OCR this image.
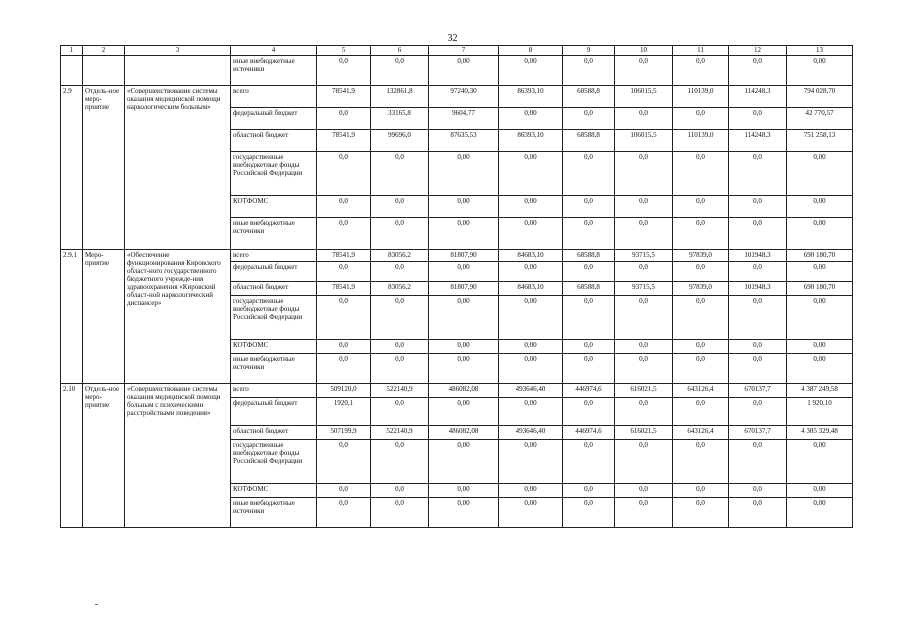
32
1	2	3	4	5	6	7	8	9	10	11	12	13
			иные внебюджетные источники	0,0	0,0	0,00	0,00	0,0	0,0	0,0	0,0	0,00
2.9	Отдель-ное меро-приятие	«Совершенствование системы оказания медицинской помощи наркологическим больным»	всего	78541,9	132861,8	97240,30	86393,10	68588,8	106015,5	110139,0	114248,3	794 028,70
			федеральный бюджет	0,0	33165,8	9604,77	0,00	0,0	0,0	0,0	0,0	42 770,57
			областной бюджет	78541,9	99696,0	87635,53	86393,10	68588,8	106015,5	110139,0	114248,3	751 258,13
			государственные внебюджетные фонды Российской Федерации	0,0	0,0	0,00	0,00	0,0	0,0	0,0	0,0	0,00
			КОТФОМС	0,0	0,0	0,00	0,00	0,0	0,0	0,0	0,0	0,00
			иные внебюджетные источники	0,0	0,0	0,00	0,00	0,0	0,0	0,0	0,0	0,00
2.9.1	Меро-приятие	«Обеспечение функционирования Кировского област-ного государственного бюджетного учрежде-ния здравоохранения «Кировский област-ной наркологический диспансер»	всего	78541,9	83056,2	81807,90	84683,10	68588,8	93715,5	97839,0	101948,3	690 180,70
			федеральный бюджет	0,0	0,0	0,00	0,00	0,0	0,0	0,0	0,0	0,00
			областной бюджет	78541,9	83056,2	81807,90	84683,10	68588,8	93715,5	97839,0	101948,3	690 180,70
			государственные внебюджетные фонды Российской Федерации	0,0	0,0	0,00	0,00	0,0	0,0	0,0	0,0	0,00
			КОТФОМС	0,0	0,0	0,00	0,00	0,0	0,0	0,0	0,0	0,00
			иные внебюджетные источники	0,0	0,0	0,00	0,00	0,0	0,0	0,0	0,0	0,00
2.10	Отдель-ное меро-приятие	«Совершенствование системы оказания медицинской помощи больным с психическими расстройствами поведения»	всего	509120,0	522140,9	486082,08	493646,40	446974,6	616021,5	643126,4	670137,7	4 387 249,58
			федеральный бюджет	1920,1	0,0	0,00	0,00	0,0	0,0	0,0	0,0	1 920,10
			областной бюджет	507199,9	522140,9	486082,08	493646,40	446974,6	616021,5	643126,4	670137,7	4 385 329,48
			государственные внебюджетные фонды Российской Федерации	0,0	0,0	0,00	0,00	0,0	0,0	0,0	0,0	0,00
			КОТФОМС	0,0	0,0	0,00	0,00	0,0	0,0	0,0	0,0	0,00
			иные внебюджетные источники	0,0	0,0	0,00	0,00	0,0	0,0	0,0	0,0	0,00
